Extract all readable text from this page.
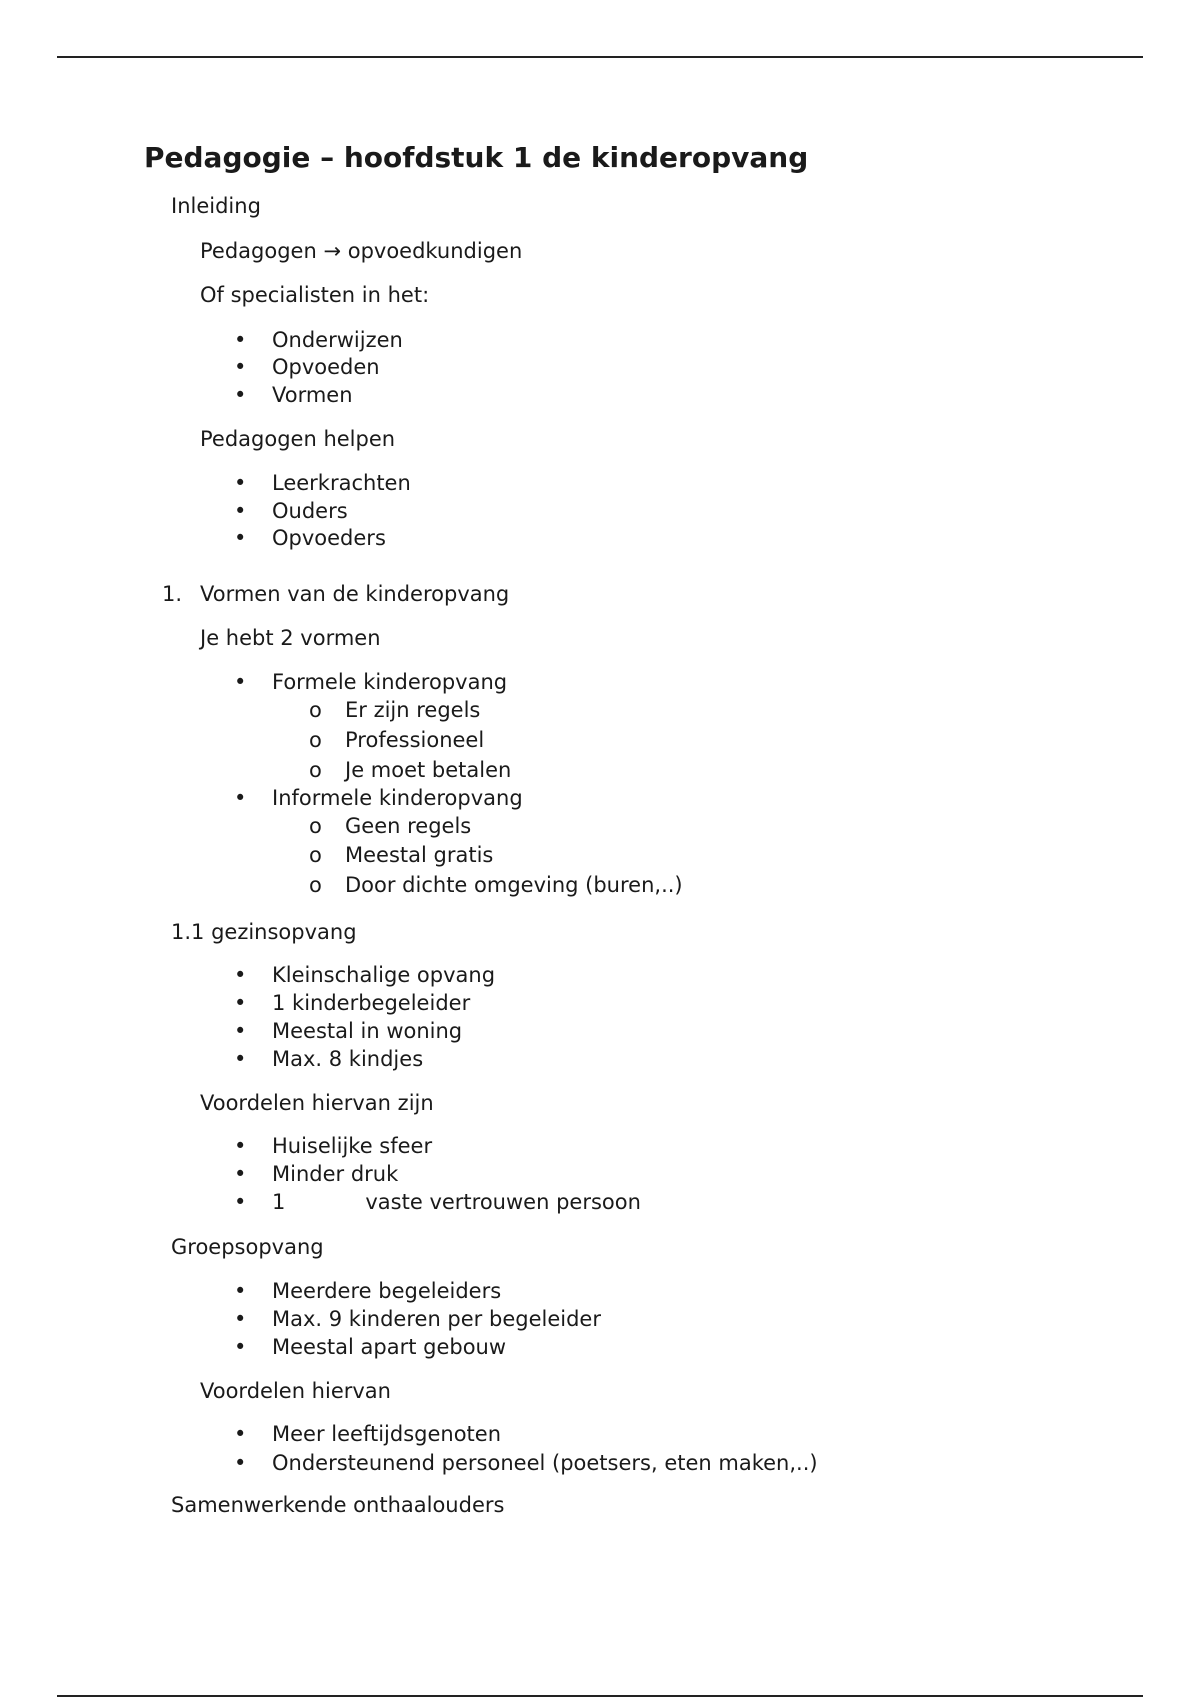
Pedagogie – hoofdstuk 1 de kinderopvang
Inleiding
Pedagogen → opvoedkundigen
Of specialisten in het:
• Onderwijzen
• Opvoeden
• Vormen
Pedagogen helpen
• Leerkrachten
• Ouders
• Opvoeders
1. Vormen van de kinderopvang
Je hebt 2 vormen
• Formele kinderopvang
o Er zijn regels
o Professioneel
o Je moet betalen
• Informele kinderopvang
o Geen regels
o Meestal gratis
o Door dichte omgeving (buren,..)
1.1 gezinsopvang
• Kleinschalige opvang
• 1 kinderbegeleider
• Meestal in woning
• Max. 8 kindjes
Voordelen hiervan zijn
• Huiselijke sfeer
• Minder druk
• 1	vaste vertrouwen persoon
Groepsopvang
• Meerdere begeleiders
• Max. 9 kinderen per begeleider
• Meestal apart gebouw
Voordelen hiervan
• Meer leeftijdsgenoten
• Ondersteunend personeel (poetsers, eten maken,..)
Samenwerkende onthaalouders
